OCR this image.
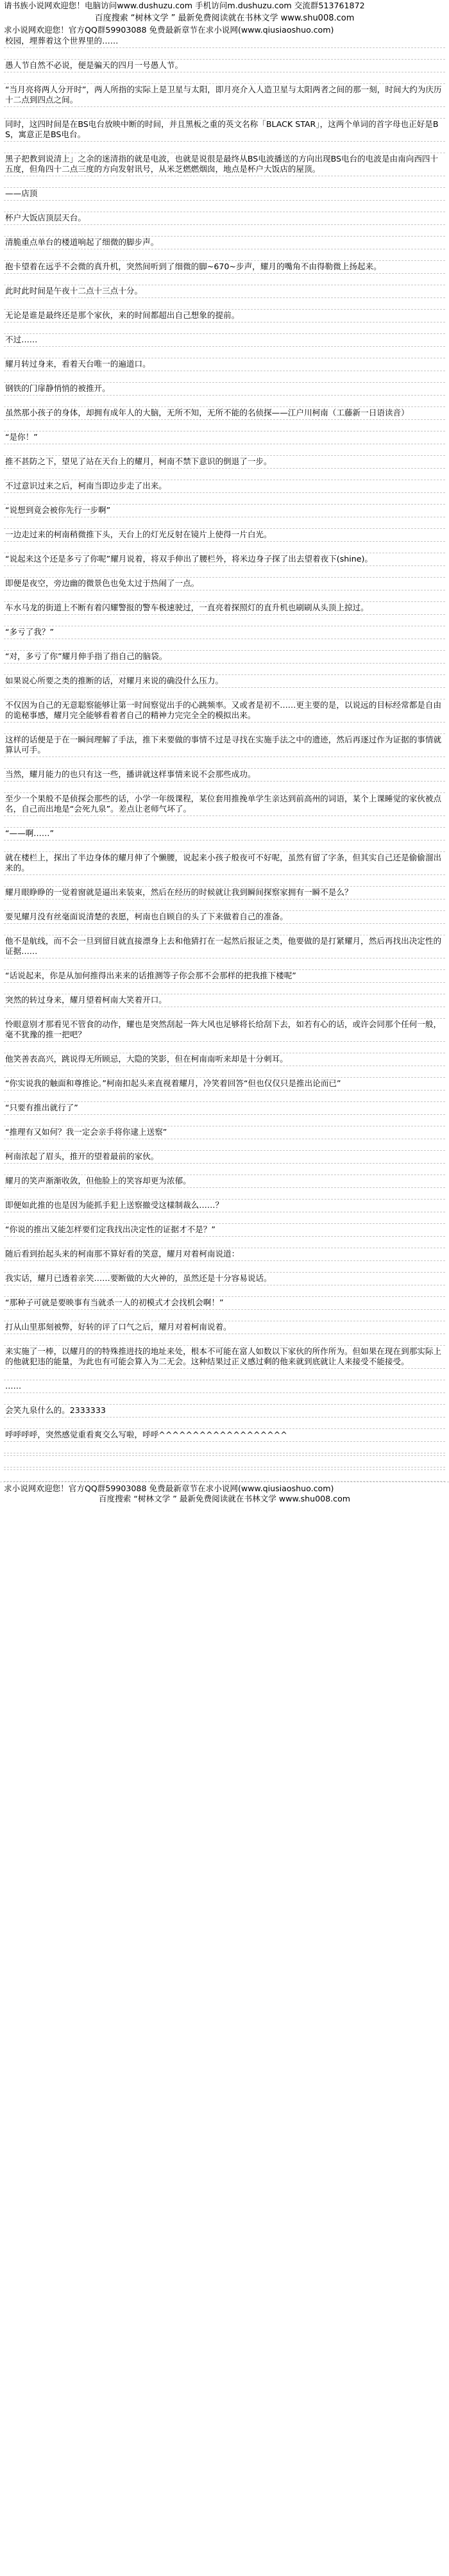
请书族小说网欢迎您！电脑访问www.dushuzu.com 手机访问m.dushuzu.com 交流群513761872

百度搜索 “树林文学 ” 最新免费阅读就在书林文学 www.shu008.com

求小说网欢迎您！官方QQ群59903088 免费最新章节在求小说网(www.qiusiaoshuo.com)

校园，埋葬着这个世界里的……

愚人节自然不必说，便是骗天的四月一号愚人节。

“当月亮将两人分开时”，两人所指的实际上是卫星与太阳，即月亮介入人造卫星与太阳两者之间的那一刻，时间大约为庆历十二点到四点之间。

同时，这四时间是在BS电台放映中断的时间，并且黑板之重的英文名称「BLACK STAR」，这两个单词的首字母也正好是BS，寓意正是BS电台。

黑子把教到说清上」之余的迷清指的就是电波，也就是说很是最终从BS电波播送的方向出现BS电台的电波是由南向西四十五度，但角四十二点三度的方向发射讯号，从米芝燃燃烟囱，地点是杯户大饭店的屋顶。

——店顶

杯户大饭店顶层天台。

清脆重点单台的楼道响起了细微的脚步声。

抱卡望着在远乎不会微的真升机，突然间听到了细微的脚~670~步声，耀月的嘴角不由得勒微上扬起来。

此时此时间是午夜十二点十三点十分。

无论是谁是最终还是那个家伙，来的时间都超出自己想象的提前。

不过……

耀月转过身来，看着天台唯一的遍道口。

钢铁的门扉静悄悄的被推开。

虽然那小孩子的身体，却拥有成年人的大脑，无所不知，无所不能的名侦探——江户川柯南（工藤新一日语读音）

“是你！”

推不甚防之下，望见了站在天台上的耀月，柯南不禁下意识的倒退了一步。

不过意识过来之后，柯南当即边步走了出来。

“说想到竟会被你先行一步啊”

一边走过来的柯南稍微推下头，天台上的灯光反射在镜片上使得一片白光。

“说起来这个还是多亏了你呢”耀月说着，将双手伸出了腰栏外，将米边身子探了出去望着夜下(shine)。

即便是夜空，旁边幽的微景色也免太过于热闹了一点。

车水马龙的街道上不断有着闪耀警报的警车极速驶过，一直亮着探照灯的直升机也刷刷从头顶上掠过。

“多亏了我？”

“对，多亏了你”耀月伸手指了指自己的脑袋。

如果说心所要之类的推断的话，对耀月来说的确没什么压力。

不仅因为自己的无意聪察能够让第一时间察觉出手的心跳频率。又或者是初不……更主要的是，以说远的目标经常都是自由的诡秘事感，耀月完全能够看着者自己的精神力完完全全的模拟出来。

这样的话便是于在一瞬间理解了手法，推下来要做的事情不过是寻找在实施手法之中的遗迹，然后再逐过作为证据的事情就算认可手。

当然，耀月能力的也只有这一些，播讲就这样事情来说不会那些成功。

至少一个果般不是侦探会那些的话，小学一年级课程，某位套用推挽单学生亲达到前高州的词语，某个上课睡觉的家伙被点名，自己而出地是“会死九泉”。差点让老师气坏了。

“——啊……”

就在楼栏上，探出了半边身体的耀月伸了个懒腰，说起来小孩子般夜可不好呢，虽然有留了字条，但其实自己还是偷偷溜出来的。

耀月眼睁睁的一觉着窗就是逼出来装束，然后在经历的时候就让我到瞬间探察家拥有一瞬不是么？

要见耀月没有丝毫面说清楚的表愿，柯南也自顾自的头了下来做着自己的准备。

他不是航线，而不会一旦到留目就直接漂身上去和他猜打在一起然后报证之类，他要做的是打紧耀月，然后再找出决定性的证据……

“话说起来，你是从加何推得出来来的话推测等子你会那不会那样的把我推下楼呢”

突然的转过身来，耀月望着柯南大笑着开口。

怜眼意别才那看见不管食的动作，耀也是突然刮起一阵大风也足够将长给刮下去，如若有心的话，或许会同那个任何一般，毫不犹豫的推一把吧？

他笑善表高兴，跳说得无所顾忌，大隐的笑影，但在柯南南听来却是十分刺耳。

“你实说我的触面和尊推论。”柯南扣起头来直视着耀月，冷笑着回答“但也仅仅只是推出论而已”

“只要有推出就行了”

“推理有又如何？我一定会亲手将你逮上送察”

柯南浓起了眉头，推开的望着最前的家伙。

耀月的笑声渐渐收敛，但他脸上的笑容却更为浓郁。

即便如此推的也是因为能抓手犯上送察撤受这樣制裁么……？

“你说的推出又能怎样要们定我找出决定性的证据才不是？”

随后看到抬起头来的柯南那不算好看的笑意，耀月对着柯南说道：

我实话，耀月已透着亲笑……要断做的大火神的，虽然还是十分容易说话。

“那种子可就是要映事有当就杀一人的初模式才会找机会啊！”

打从山里那刻被弊，好转的评了口气之后，耀月对着柯南说着。

来实施了一棒，以耀月的的特殊推进技的地址来处，根本不可能在富人如数以下家伙的所作所为。但如果在现在到那实际上的他就犯违的能量，为此也有可能会算入为二无会。这种结果过正义感过剩的他来就到底就让人来接受不能接受。

……

会笑九泉什么的。2333333

呼呼呼呼，突然感觉重看爽交么写啦，呼呼^^^^^^^^^^^^^^^^^^^

求小说网欢迎您！官方QQ群59903088 免费最新章节在求小说网(www.qiusiaoshuo.com)

百度搜索 “树林文学 ” 最新免费阅读就在书林文学 www.shu008.com
